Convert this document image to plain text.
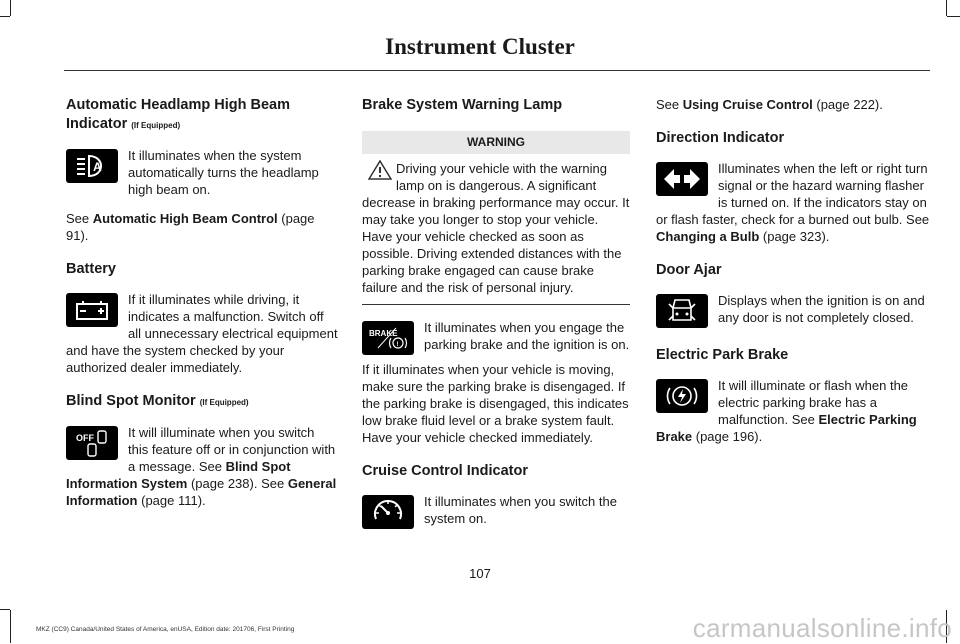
Instrument Cluster
Automatic Headlamp High Beam Indicator (If Equipped)
A

It illuminates when the system automatically turns the headlamp high beam on.

See Automatic High Beam Control (page 91).

Battery

If it illuminates while driving, it indicates a malfunction. Switch off all unnecessary electrical equipment and have the system checked by your authorized dealer immediately.

Blind Spot Monitor (If Equipped)
OFF	It will illuminate when you switch this feature off or in conjunction with a message. See Blind Spot Information System (page 238). See General Information (page 111).

Brake System Warning Lamp
WARNING
Driving your vehicle with the warning lamp on is dangerous. A significant decrease in braking performance may occur. It may take you longer to stop your vehicle. Have your vehicle checked as soon as possible. Driving extended distances with the parking brake engaged can cause brake failure and the risk of personal injury.
BRAKE
!

It illuminates when you engage the parking brake and the ignition is on.

If it illuminates when your vehicle is moving, make sure the parking brake is disengaged. If the parking brake is disengaged, this indicates low brake fluid level or a brake system fault. Have your vehicle checked immediately.

Cruise Control Indicator

It illuminates when you switch the system on.

See Using Cruise Control (page 222).

Direction Indicator

Illuminates when the left or right turn signal or the hazard warning flasher is turned on. If the indicators stay on or flash faster, check for a burned out bulb. See Changing a Bulb (page 323).

Door Ajar

Displays when the ignition is on and any door is not completely closed.

Electric Park Brake

It will illuminate or flash when the electric parking brake has a malfunction. See Electric Parking Brake (page 196).

107
MKZ (CC9) Canada/United States of America, enUSA, Edition date: 201706, First Printing	carmanualsonline.info
